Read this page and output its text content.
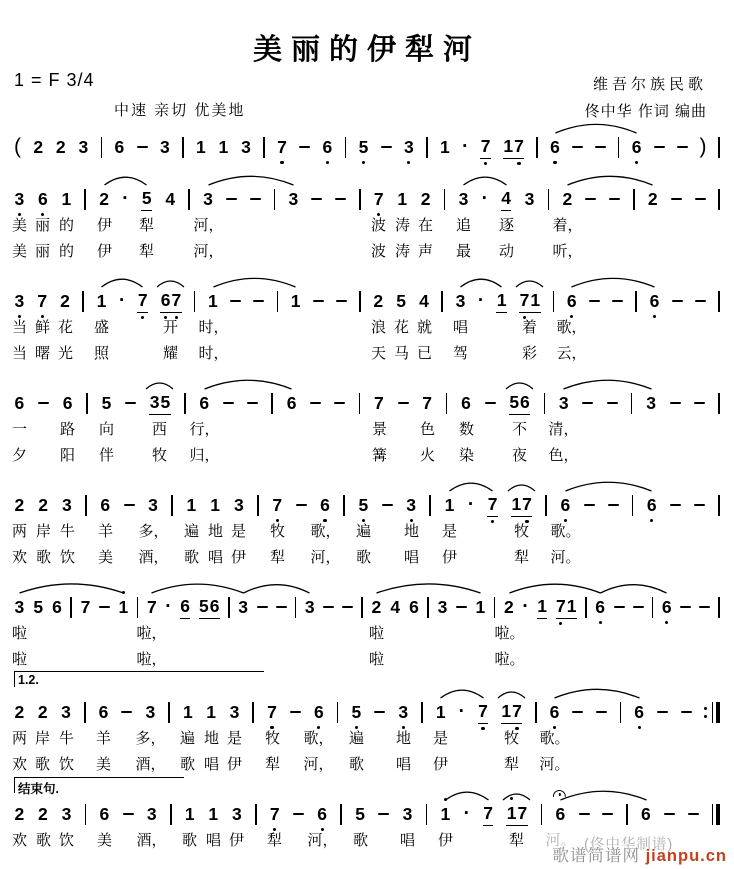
美丽的伊犁河
1 = F 3/4
中速 亲切 优美地
维吾尔族民歌
佟中华 作词 编曲
( 2 2 3 6 3 1 1 3 7 6 5 3 1 · 7 1 7 6	6	)
3 6 1 2 · 5 4 3	3	7 1 2 3 · 4 3 2	2
美 丽 的 伊 犁	河，	波 涛 在 追 逐	着，
美 丽 的 伊 犁	河，	波 涛 声 最 动	听，
3 7 2 1 · 7 6 7 1	1	2 5 4 3 · 1 7 1 6	6
当 鲜 花 盛	开 时，	浪 花 就 唱	着 歌，
当 曙 光 照	耀 时，	天 马 已 驾	彩 云，
6 6 5 3 5 6	6	7 7 6 5 6 3	3
一 路 向	西 行，	景 色 数	不 清，
夕 阳 伴	牧 归，	篝 火 染	夜 色，
2 2 3 6 3 1 1 3 7 6 5 3 1 · 7 1 7 6	6
两 岸 牛 羊 多， 遍 地 是 牧 歌， 遍 地 是	牧 歌。
欢 歌 饮 美 酒， 歌 唱 伊 犁 河， 歌 唱 伊	犁 河。
3 5 6 7 1 7 · 6 5 6 3	3	2 4 6 3 1 2 · 1 7 1 6	6
啦	啦，	啦	啦。
啦	啦，	啦	啦。
1.2.
2 2 3 6 3 1 1 3 7 6 5 3 1 · 7 1 7 6	6
两 岸 牛 羊 多， 遍 地 是 牧 歌， 遍 地 是	牧 歌。
欢 歌 饮 美 酒， 歌 唱 伊 犁 河， 歌 唱 伊	犁 河。
结束句.
2 2 3 6 3 1 1 3 7 6 5 3 1 · 7 1 7 6	6
欢 歌 饮 美 酒， 歌 唱 伊 犁 河， 歌 唱 伊	犁 河。 (佟中华制谱)
歌谱简谱网 jianpu.cn
